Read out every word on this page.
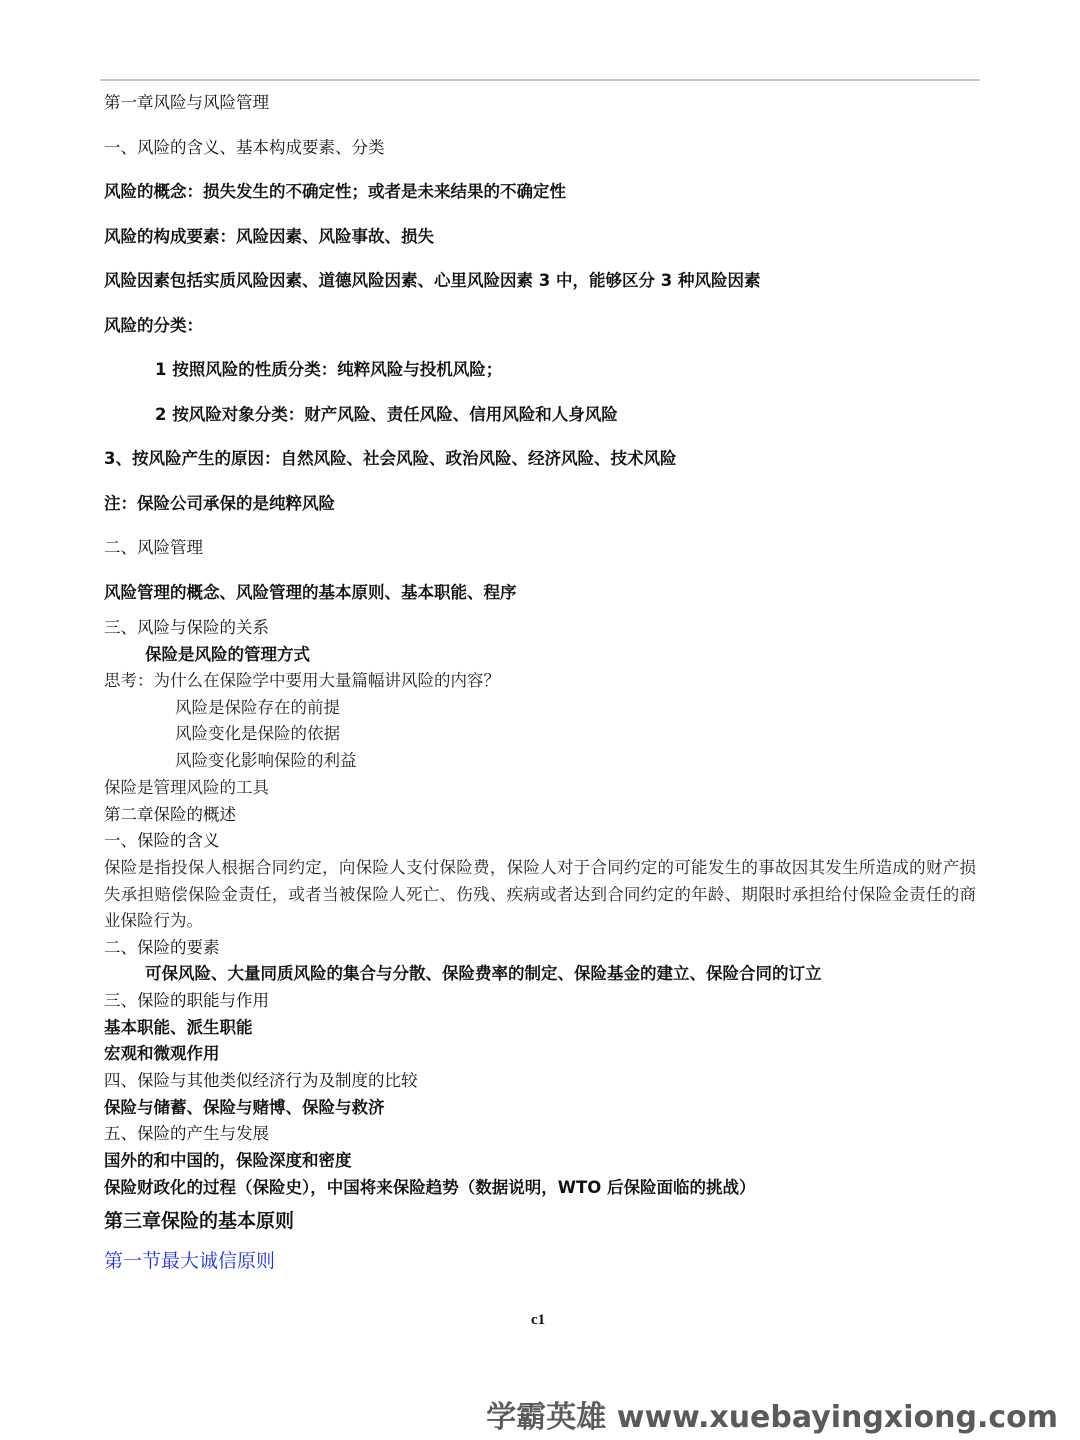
第一章风险与风险管理

一、风险的含义、基本构成要素、分类

风险的概念：损失发生的不确定性；或者是未来结果的不确定性

风险的构成要素：风险因素、风险事故、损失

风险因素包括实质风险因素、道德风险因素、心里风险因素 3 中，能够区分 3 种风险因素

风险的分类：

1 按照风险的性质分类：纯粹风险与投机风险；

2 按风险对象分类：财产风险、责任风险、信用风险和人身风险

3、按风险产生的原因：自然风险、社会风险、政治风险、经济风险、技术风险

注：保险公司承保的是纯粹风险

二、风险管理

风险管理的概念、风险管理的基本原则、基本职能、程序

三、风险与保险的关系

保险是风险的管理方式

思考：为什么在保险学中要用大量篇幅讲风险的内容？

风险是保险存在的前提

风险变化是保险的依据

风险变化影响保险的利益

保险是管理风险的工具

第二章保险的概述

一、保险的含义

保险是指投保人根据合同约定，向保险人支付保险费，保险人对于合同约定的可能发生的事故因其发生所造成的财产损失承担赔偿保险金责任，或者当被保险人死亡、伤残、疾病或者达到合同约定的年龄、期限时承担给付保险金责任的商业保险行为。

二、保险的要素

可保风险、大量同质风险的集合与分散、保险费率的制定、保险基金的建立、保险合同的订立

三、保险的职能与作用

基本职能、派生职能

宏观和微观作用

四、保险与其他类似经济行为及制度的比较

保险与储蓄、保险与赌博、保险与救济

五、保险的产生与发展

国外的和中国的，保险深度和密度

保险财政化的过程（保险史），中国将来保险趋势（数据说明，WTO 后保险面临的挑战）

第三章保险的基本原则

第一节最大诚信原则

c1
学霸英雄 www.xuebayingxiong.com
